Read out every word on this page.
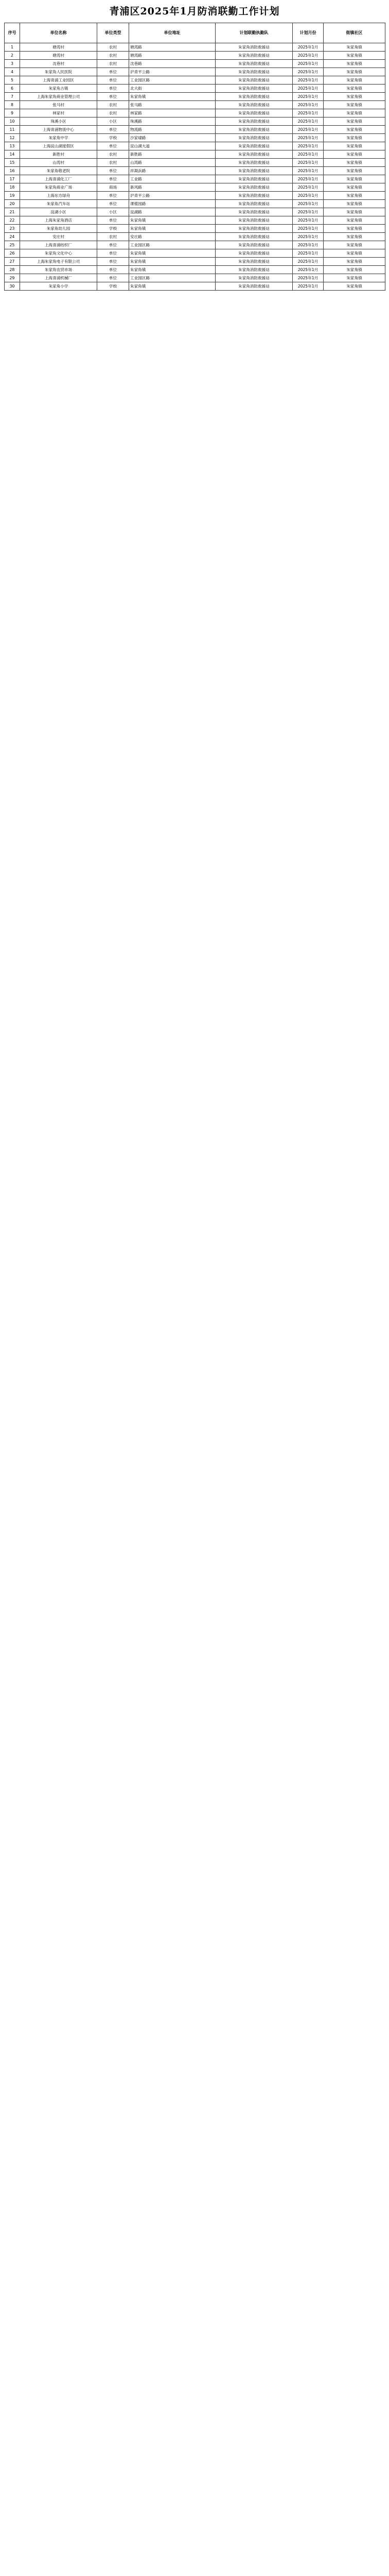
青浦区2025年1月防消联勤工作计划
序号	单位名称	单位类型	单位地址	计划联勤执勤队	计划月份	街镇社区
1	塘湾村	农村	塘湾路	朱家角消防救援站	2025年1月	朱家角镇
2	塘湾村	农村	塘湾路	朱家角消防救援站	2025年1月	朱家角镇
3	沈巷村	农村	沈巷路	朱家角消防救援站	2025年1月	朱家角镇
4	朱家角人民医院	单位	沪青平公路	朱家角消防救援站	2025年1月	朱家角镇
5	上海青浦工业园区	单位	工业园区路	朱家角消防救援站	2025年1月	朱家角镇
6	朱家角古镇	单位	北大街	朱家角消防救援站	2025年1月	朱家角镇
7	上海朱家角商业管理公司	单位	朱家角镇	朱家角消防救援站	2025年1月	朱家角镇
8	张马村	农村	张马路	朱家角消防救援站	2025年1月	朱家角镇
9	林家村	农村	林家路	朱家角消防救援站	2025年1月	朱家角镇
10	珠溪小区	小区	珠溪路	朱家角消防救援站	2025年1月	朱家角镇
11	上海青浦物流中心	单位	物流路	朱家角消防救援站	2025年1月	朱家角镇
12	朱家角中学	学校	沙家埭路	朱家角消防救援站	2025年1月	朱家角镇
13	上海淀山湖度假区	单位	淀山湖大道	朱家角消防救援站	2025年1月	朱家角镇
14	新胜村	农村	新胜路	朱家角消防救援站	2025年1月	朱家角镇
15	山湾村	农村	山湾路	朱家角消防救援站	2025年1月	朱家角镇
16	朱家角敬老院	单位	祥凝浜路	朱家角消防救援站	2025年1月	朱家角镇
17	上海青浦化工厂	单位	工业路	朱家角消防救援站	2025年1月	朱家角镇
18	朱家角商业广场	商场	新风路	朱家角消防救援站	2025年1月	朱家角镇
19	上海东方绿舟	单位	沪青平公路	朱家角消防救援站	2025年1月	朱家角镇
20	朱家角汽车站	单位	课植园路	朱家角消防救援站	2025年1月	朱家角镇
21	淀湖小区	小区	淀湖路	朱家角消防救援站	2025年1月	朱家角镇
22	上海朱家角酒店	单位	朱家角镇	朱家角消防救援站	2025年1月	朱家角镇
23	朱家角幼儿园	学校	朱家角镇	朱家角消防救援站	2025年1月	朱家角镇
24	安庄村	农村	安庄路	朱家角消防救援站	2025年1月	朱家角镇
25	上海青浦纺织厂	单位	工业园区路	朱家角消防救援站	2025年1月	朱家角镇
26	朱家角文化中心	单位	朱家角镇	朱家角消防救援站	2025年1月	朱家角镇
27	上海朱家角电子有限公司	单位	朱家角镇	朱家角消防救援站	2025年1月	朱家角镇
28	朱家角农贸市场	单位	朱家角镇	朱家角消防救援站	2025年1月	朱家角镇
29	上海青浦机械厂	单位	工业园区路	朱家角消防救援站	2025年1月	朱家角镇
30	朱家角小学	学校	朱家角镇	朱家角消防救援站	2025年1月	朱家角镇
